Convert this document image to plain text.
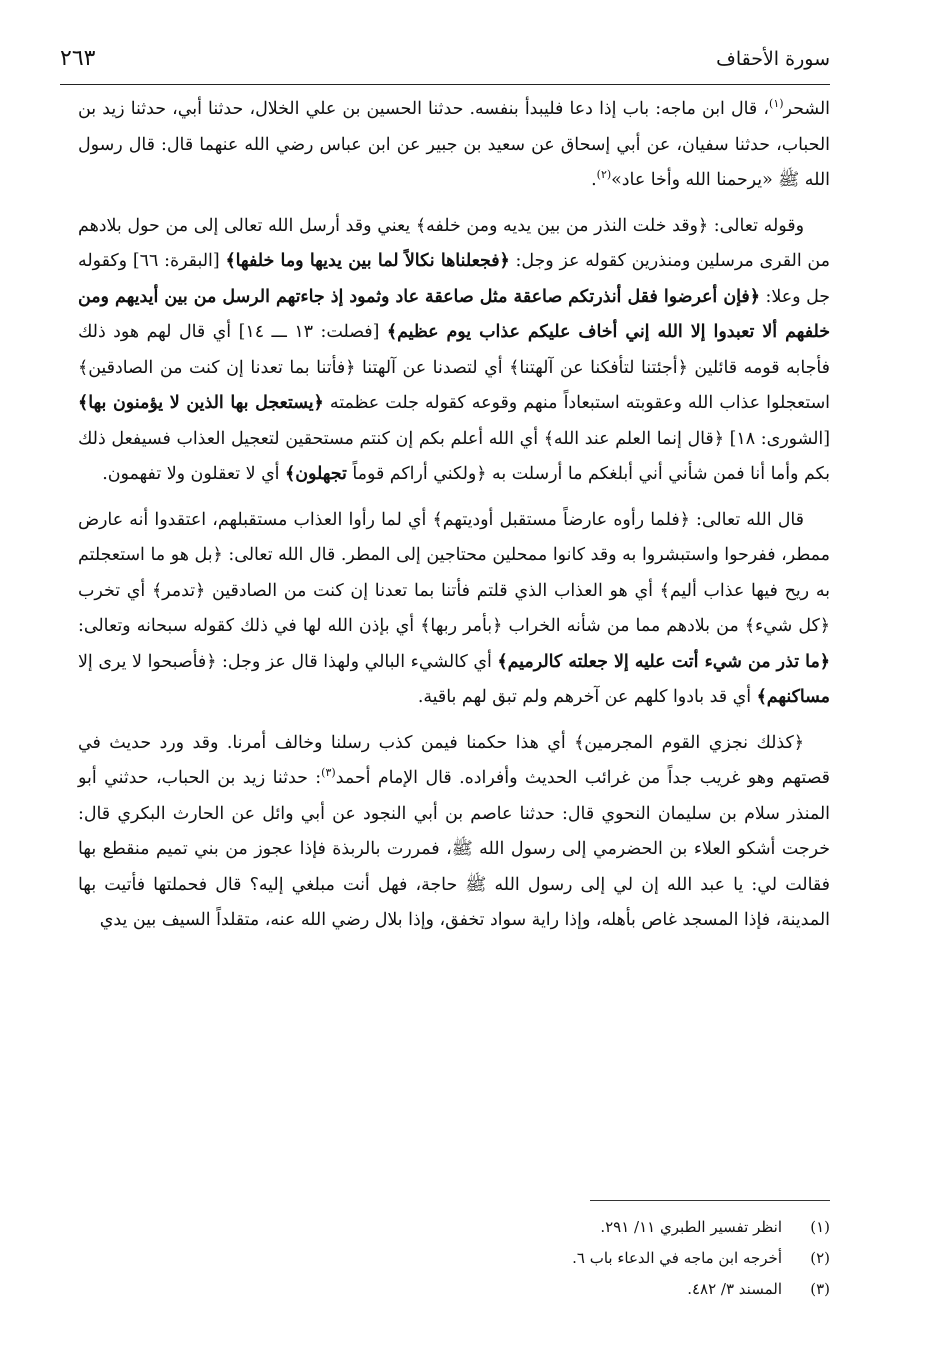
سورة الأحقاف
٢٦٣

الشحر$^{(١)}$، قال ابن ماجه: باب إذا دعا فليبدأ بنفسه. حدثنا الحسين بن علي الخلال، حدثنا أبي، حدثنا زيد بن الحباب، حدثنا سفيان، عن أبي إسحاق عن سعيد بن جبير عن ابن عباس رضي الله عنهما قال: قال رسول الله ﷺ «يرحمنا الله وأخا عاد»$^{(٢)}$.

وقوله تعالى: ﴿وقد خلت النذر من بين يديه ومن خلفه﴾ يعني وقد أرسل الله تعالى إلى من حول بلادهم من القرى مرسلين ومنذرين كقوله عز وجل: ﴿فجعلناها نكالاً لما بين يديها وما خلفها﴾ [البقرة: ٦٦] وكقوله جل وعلا: ﴿فإن أعرضوا فقل أنذرتكم صاعقة مثل صاعقة عاد وثمود إذ جاءتهم الرسل من بين أيديهم ومن خلفهم ألا تعبدوا إلا الله إني أخاف عليكم عذاب يوم عظيم﴾ [فصلت: ١٣ ـــ ١٤] أي قال لهم هود ذلك فأجابه قومه قائلين ﴿أجئتنا لتأفكنا عن آلهتنا﴾ أي لتصدنا عن آلهتنا ﴿فأتنا بما تعدنا إن كنت من الصادقين﴾ استعجلوا عذاب الله وعقوبته استبعاداً منهم وقوعه كقوله جلت عظمته ﴿يستعجل بها الذين لا يؤمنون بها﴾ [الشورى: ١٨] ﴿قال إنما العلم عند الله﴾ أي الله أعلم بكم إن كنتم مستحقين لتعجيل العذاب فسيفعل ذلك بكم وأما أنا فمن شأني أني أبلغكم ما أرسلت به ﴿ولكني أراكم قوماً تجهلون﴾ أي لا تعقلون ولا تفهمون.

قال الله تعالى: ﴿فلما رأوه عارضاً مستقبل أوديتهم﴾ أي لما رأوا العذاب مستقبلهم، اعتقدوا أنه عارض ممطر، ففرحوا واستبشروا به وقد كانوا ممحلين محتاجين إلى المطر. قال الله تعالى: ﴿بل هو ما استعجلتم به ريح فيها عذاب أليم﴾ أي هو العذاب الذي قلتم فأتنا بما تعدنا إن كنت من الصادقين ﴿تدمر﴾ أي تخرب ﴿كل شيء﴾ من بلادهم مما من شأنه الخراب ﴿بأمر ربها﴾ أي بإذن الله لها في ذلك كقوله سبحانه وتعالى: ﴿ما تذر من شيء أتت عليه إلا جعلته كالرميم﴾ أي كالشيء البالي ولهذا قال عز وجل: ﴿فأصبحوا لا يرى إلا مساكنهم﴾ أي قد بادوا كلهم عن آخرهم ولم تبق لهم باقية.

﴿كذلك نجزي القوم المجرمين﴾ أي هذا حكمنا فيمن كذب رسلنا وخالف أمرنا. وقد ورد حديث في قصتهم وهو غريب جداً من غرائب الحديث وأفراده. قال الإمام أحمد$^{(٣)}$: حدثنا زيد بن الحباب، حدثني أبو المنذر سلام بن سليمان النحوي قال: حدثنا عاصم بن أبي النجود عن أبي وائل عن الحارث البكري قال: خرجت أشكو العلاء بن الحضرمي إلى رسول الله ﷺ، فمررت بالربذة فإذا عجوز من بني تميم منقطع بها فقالت لي: يا عبد الله إن لي إلى رسول الله ﷺ حاجة، فهل أنت مبلغي إليه؟ قال فحملتها فأتيت بها المدينة، فإذا المسجد غاص بأهله، وإذا راية سواد تخفق، وإذا بلال رضي الله عنه، متقلداً السيف بين يدي

(١)انظر تفسير الطبري ١١/ ٢٩١.
(٢)أخرجه ابن ماجه في الدعاء باب ٦.
(٣)المسند ٣/ ٤٨٢.
